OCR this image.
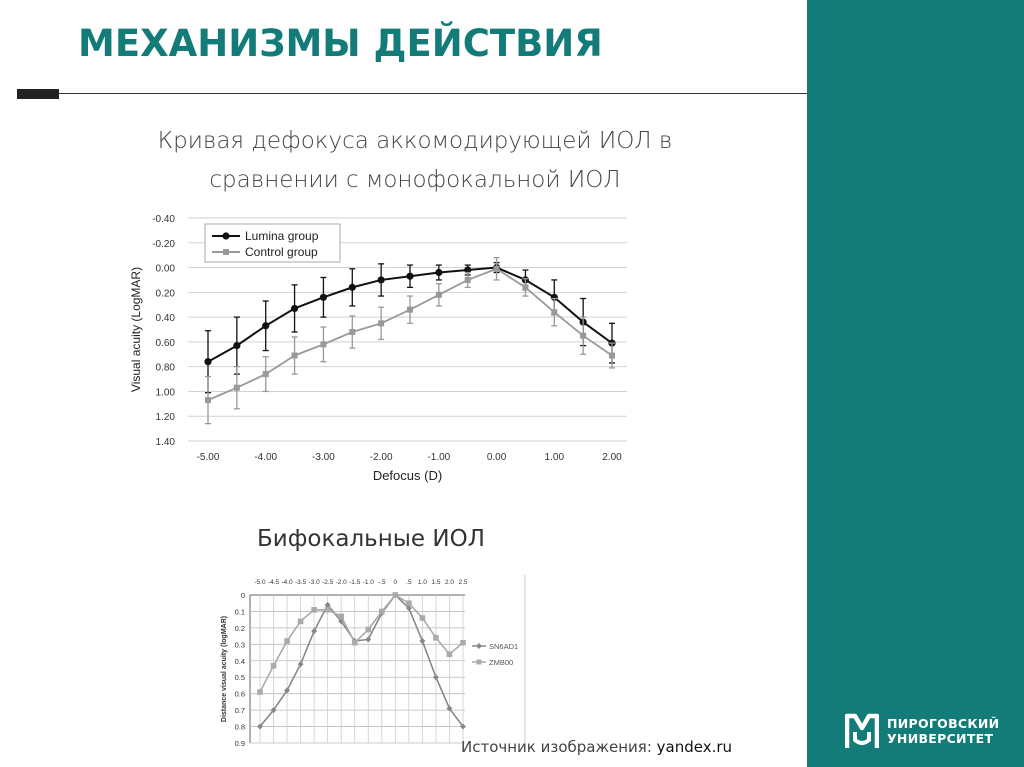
МЕХАНИЗМЫ ДЕЙСТВИЯ
Кривая дефокуса аккомодирующей ИОЛ в
сравнении с монофокальной ИОЛ
-0.40
-0.20
0.00
0.20
0.40
0.60
0.80
1.00
1.20
1.40
-5.00	-4.00	-3.00	-2.00	-1.00	0.00	1.00	2.00
Defocus (D)
Visual acuity (LogMAR)
Lumina group
Control group
Бифокальные ИОЛ
0
0.1
0.2
0.3
0.4
0.5
0.6
0.7
0.8
0.9
-5.0 -4.5 -4.0 -3.5 -3.0 -2.5 -2.0 -1.5 -1.0 -.5 0 .5 1.0 1.5 2.0 2.5
Distance visual acuity (logMAR)	SN6AD1
ZMB00
Источник изображения: yandex.ru
ПИРОГОВСКИЙ
УНИВЕРСИТЕТ
